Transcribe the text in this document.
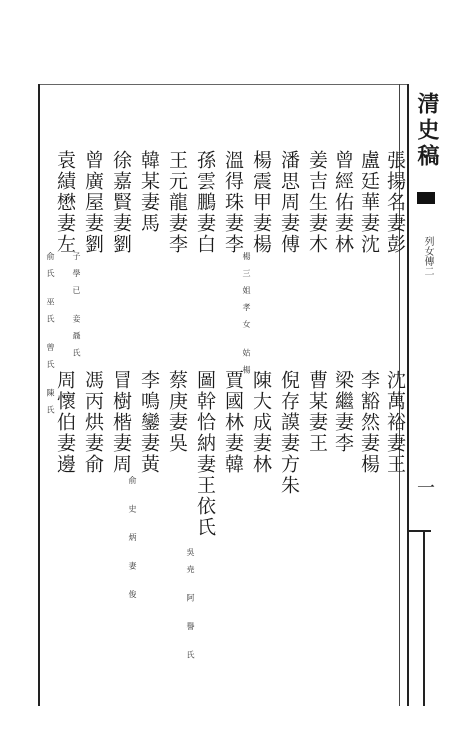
清史稿
列女傳二
一
張揚名妻彭
盧廷華妻沈
曾經佑妻林
姜吉生妻木
潘思周妻傅
楊震甲妻楊
楊三姐孝女 姑楊
溫得珠妻李
孫雲鵬妻白
王元龍妻李
韓某妻馬
徐嘉賢妻劉
曾廣屋妻劉
子學已 妾聶氏
袁績懋妻左
俞氏 巫氏 曾氏 陳氏	沈萬裕妻王
李豁然妻楊
梁繼妻李
曹某妻王
倪存謨妻方朱
陳大成妻林
賈國林妻韓
圖幹恰納妻王依氏
吳尭 阿 譽 氏
蔡庚妻吳
李鳴鑾妻黃
俞 史 炳 妻 俊
冒樹楷妻周
馮丙烘妻俞
周懷伯妻邊
